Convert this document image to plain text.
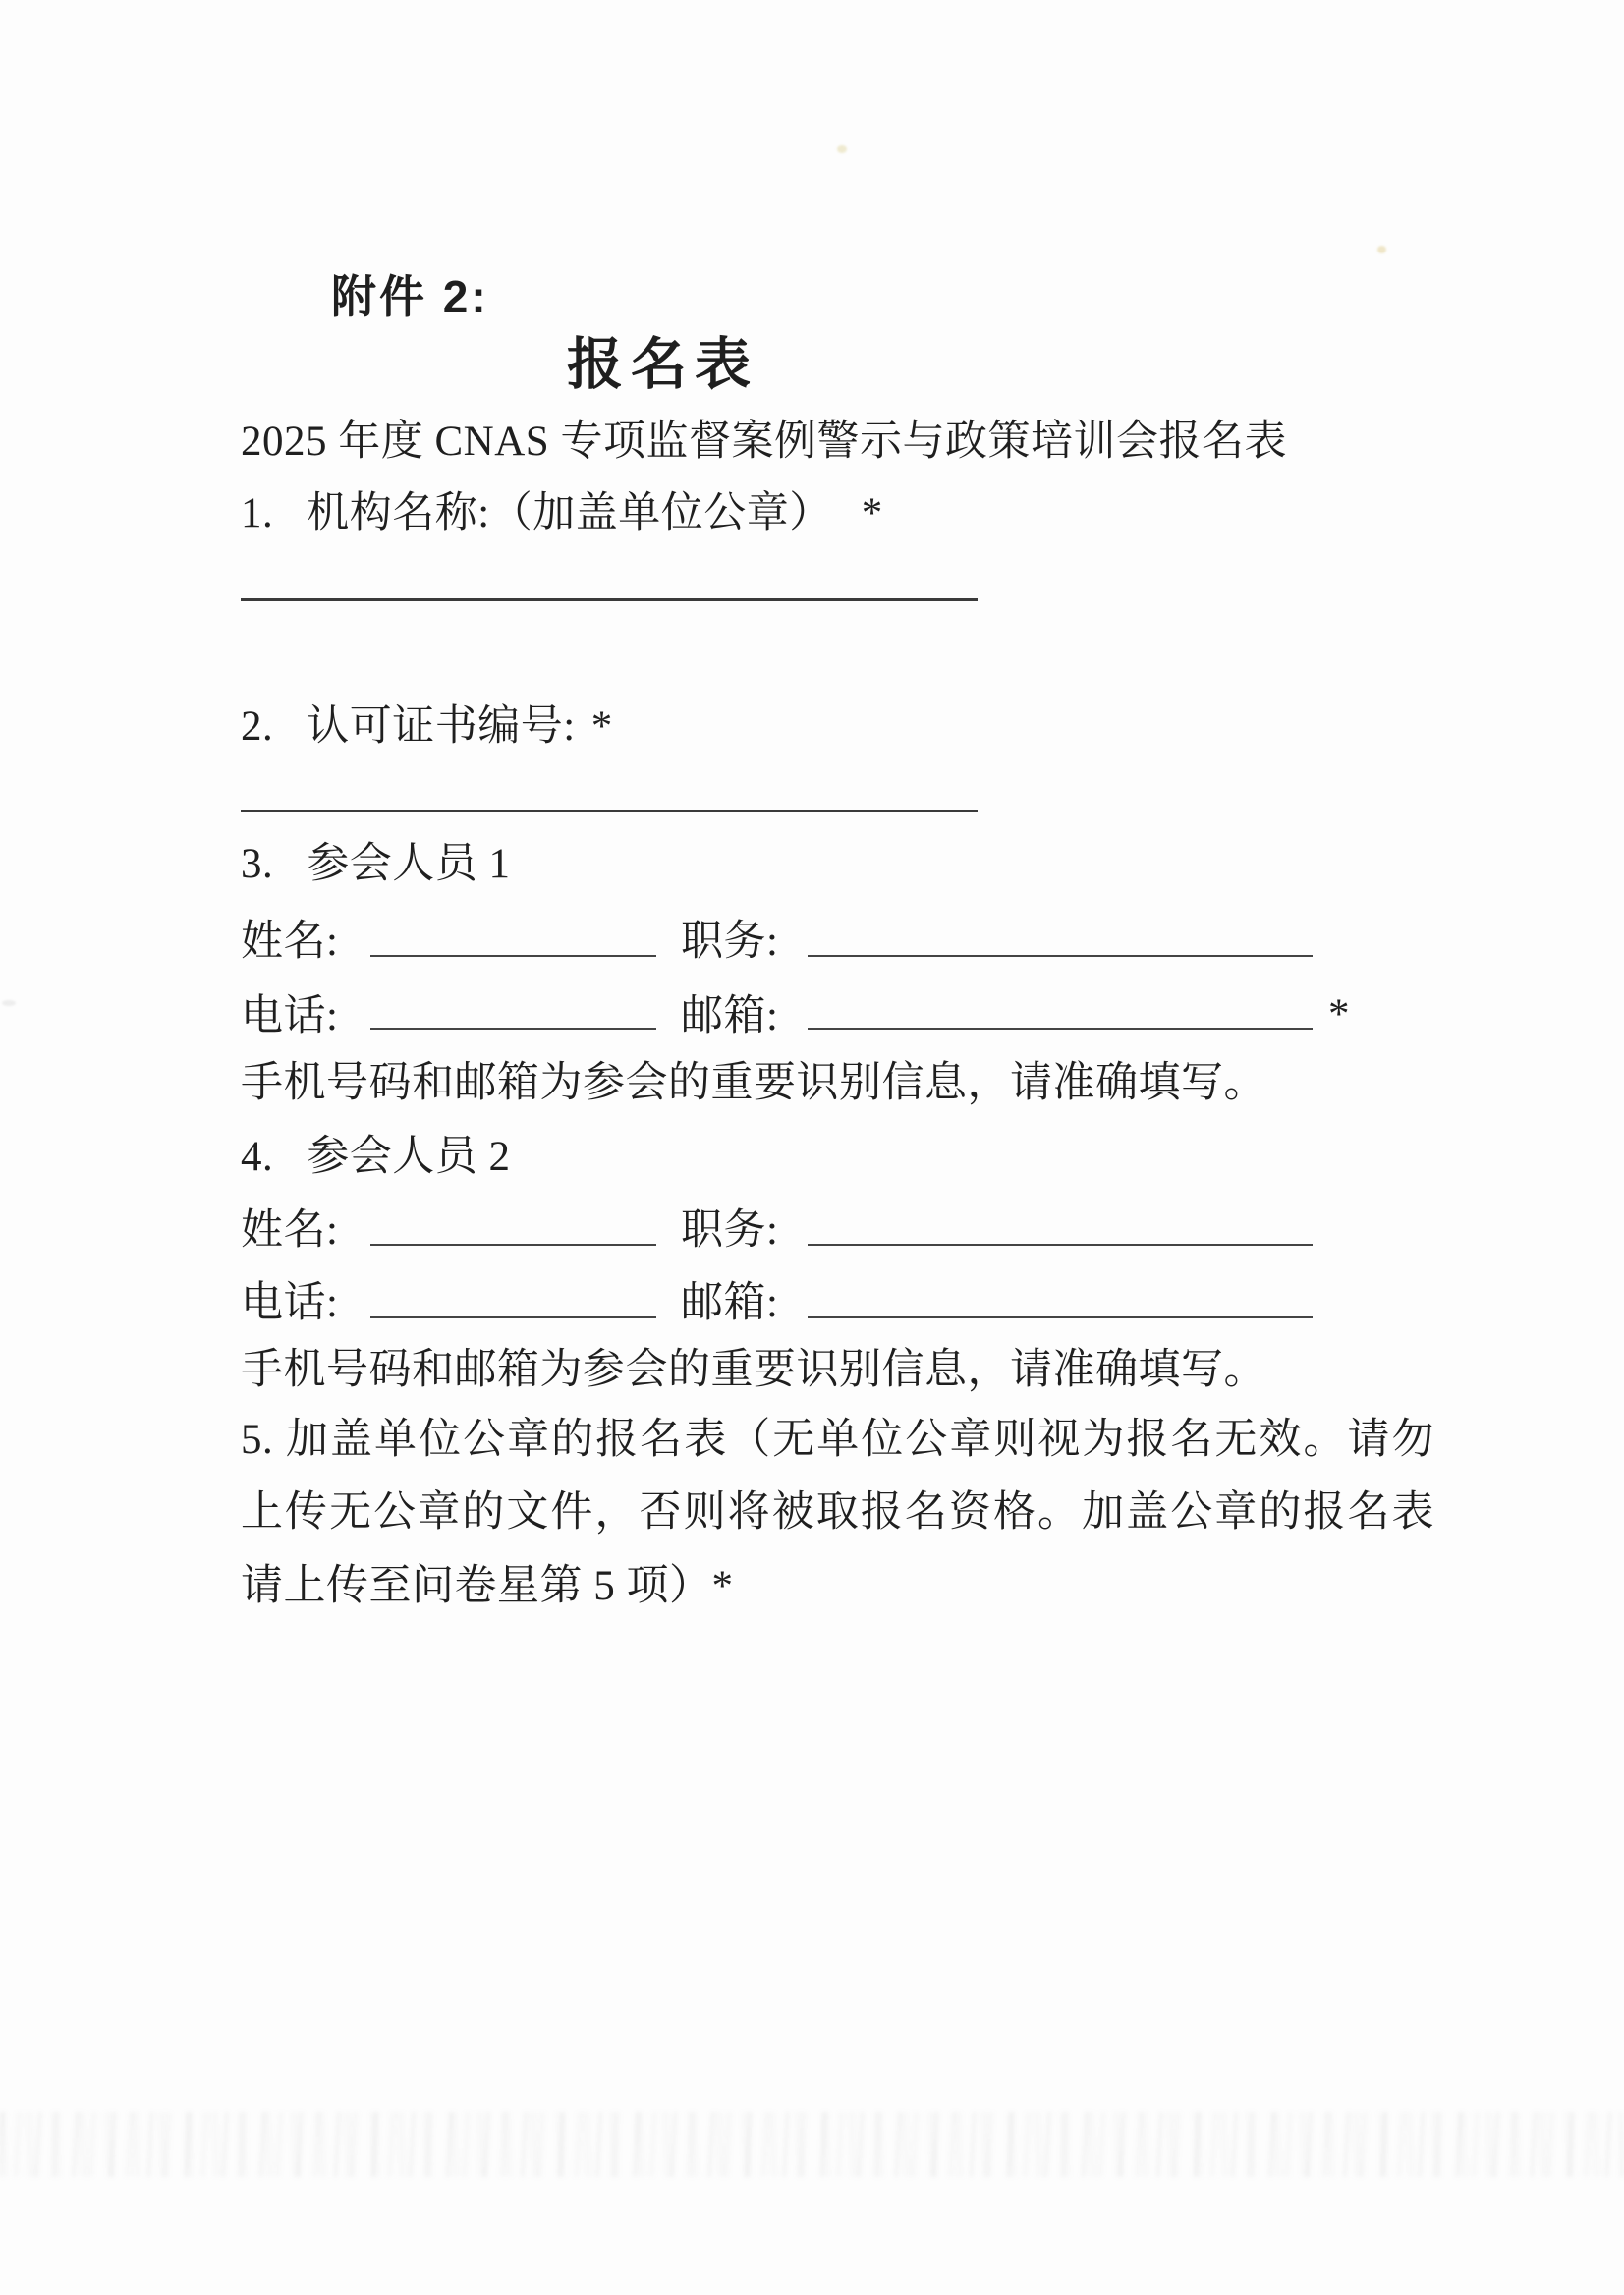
附件 2:
报名表
2025 年度 CNAS 专项监督案例警示与政策培训会报名表
1. 机构名称:（加盖单位公章） *
2. 认可证书编号: *
3. 参会人员 1
姓名:	职务:
电话:	邮箱:	*
手机号码和邮箱为参会的重要识别信息，请准确填写。
4. 参会人员 2
姓名:	职务:
电话:	邮箱:
手机号码和邮箱为参会的重要识别信息，请准确填写。
5. 加盖单位公章的报名表（无单位公章则视为报名无效。请勿
上传无公章的文件，否则将被取报名资格。加盖公章的报名表
请上传至问卷星第 5 项）*
